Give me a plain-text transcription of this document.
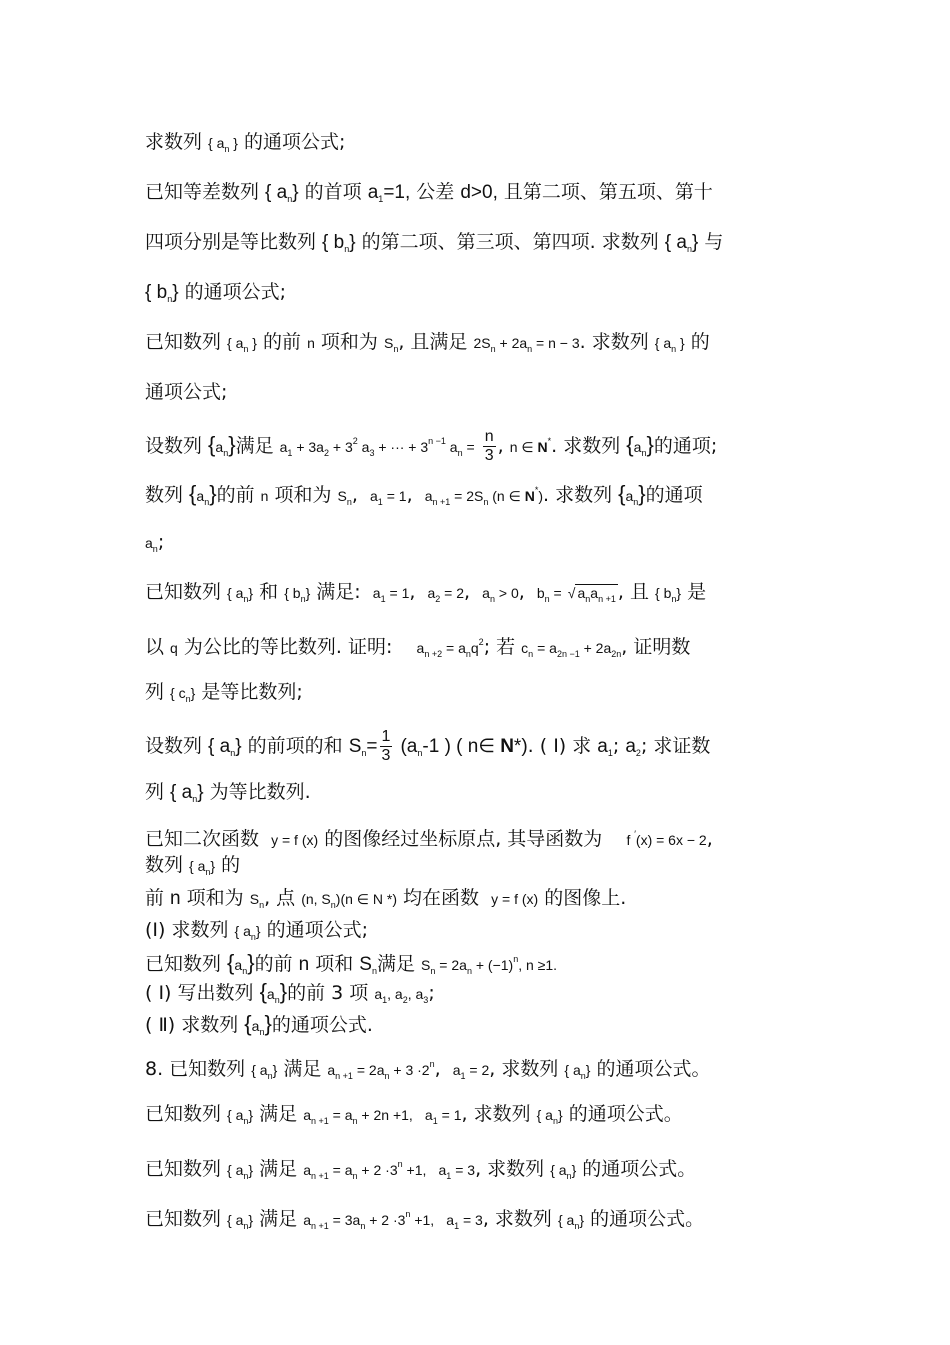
求数列 { $a_n$ } 的通项公式;
已知等差数列 { $a_n$} 的首项 $a_1=1$, 公差 d>0, 且第二项、第五项、第十
四项分别是等比数列 { $b_n$} 的第二项、第三项、第四项. 求数列 { $a_n$} 与
{ $b_n$} 的通项公式;
已知数列 { $a_n$ } 的前 n 项和为 $S_n$, 且满足 $2S_n + 2a_n = n - 3$. 求数列 { $a_n$ } 的
通项公式;
设数列 $\{a_n\}$满足 $a_1 + 3a_2 + 3^2$ $a_3$ + ··· + $3^{n -1}$ $a_n = \frac{n}{3}$ , n ∈ N*. 求数列 $\{a_n\}$的通项;
数列 $\{a_n\}$的前 n 项和为 $S_n$,  $a_1 = 1$,  $a_{n +1} = 2S_n$ (n ∈ N*). 求数列 $\{a_n\}$的通项
$a_n$;
已知数列 { $a_n$} 和 { $b_n$} 满足:  $a_1 = 1$,  $a_2 = 2$,  $a_n > 0$,  $b_n$ = √ $a_na_{n +1}$ , 且 { $b_n$} 是
以 q 为公比的等比数列. 证明:    $a_{n +2} = a_nq^2$; 若 $c_n = a_{2n -1} + 2a_{2n}$, 证明数
列 { $c_n$} 是等比数列;
设数列 { $a_n$} 的前项的和 $S_n= \frac{1}{3} (a_n-1$ ) ( n∈ N*). ( Ⅰ) 求 $a_1$; $a_2$; 求证数
列 { $a_n$} 为等比数列.
已知二次函数  y = f (x) 的图像经过坐标原点, 其导函数为    f ′(x) = 6x − 2,
数列 { $a_n$} 的
前 n 项和为 $S_n$, 点 (n, $S_n)(n$ ∈ N *) 均在函数  y = f (x) 的图像上.
(Ⅰ) 求数列 { $a_n$} 的通项公式;
已知数列 $\{a_n\}$的前 n 项和 $S_n$满足 $S_n = 2a_n + (-1)^n$, n ≥1.
( Ⅰ) 写出数列 $\{a_n\}$的前 3 项 $a_1$, $a_2$, $a_3$;
( Ⅱ) 求数列 $\{a_n\}$的通项公式.
8. 已知数列 { $a_n$} 满足 $a_{n +1} = 2a_n + 3 \cdot 2^n$,  $a_1 = 2$, 求数列 { $a_n$} 的通项公式。
已知数列 { $a_n$} 满足 $a_{n +1} = a_n + 2n +1$, $a_1 = 1$, 求数列 { $a_n$} 的通项公式。
已知数列 { $a_n$} 满足 $a_{n +1} = a_n + 2 \cdot 3^n +1$, $a_1 = 3$, 求数列 { $a_n$} 的通项公式。
已知数列 { $a_n$} 满足 $a_{n +1} = 3a_n + 2 \cdot 3^n +1$, $a_1 = 3$, 求数列 { $a_n$} 的通项公式。
